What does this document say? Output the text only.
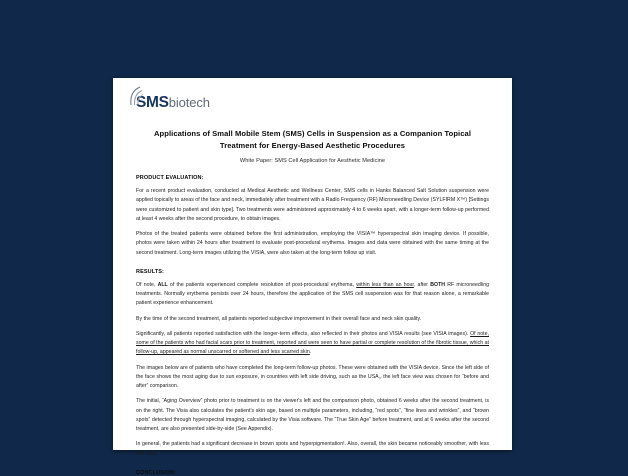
SMSbiotech
Applications of Small Mobile Stem (SMS) Cells in Suspension as a Companion Topical Treatment for Energy-Based Aesthetic Procedures
White Paper: SMS Cell Application for Aesthetic Medicine
PRODUCT EVALUATION:

For a recent product evaluation, conducted at Medical Aesthetic and Wellness Center, SMS cells in Hanks Balanced Salt Solution suspension were applied topically to areas of the face and neck, immediately after treatment with a Radio Frequency (RF) Microneedling Device (SYLFIRM X™) [Settings were customized to patient and skin type]. Two treatments were administered approximately 4 to 6 weeks apart, with a longer-term follow-up performed at least 4 weeks after the second procedure, to obtain images.

Photos of the treated patients were obtained before the first administration, employing the VISIA™ hyperspectral skin imaging device. If possible, photos were taken within 24 hours after treatment to evaluate post-procedural erythema. Images and data were obtained with the same timing at the second treatment. Long-term images utilizing the VISIA, were also taken at the long-term follow up visit.

RESULTS:

Of note, ALL of the patients experienced complete resolution of post-procedural erythema, within less than an hour, after BOTH RF microneedling treatments. Normally erythema persists over 24 hours, therefore the application of the SMS cell suspension was for that reason alone, a remarkable patient experience enhancement.

By the time of the second treatment, all patients reported subjective improvement in their overall face and neck skin quality.

Significantly, all patients reported satisfaction with the longer-term effects, also reflected in their photos and VISIA results (see VISIA images). Of note, some of the patients who had facial scars prior to treatment, reported and were seen to have partial or complete resolution of the fibrotic tissue, which at follow-up, appeared as normal unscarred or softened and less scarred skin.

The images below are of patients who have completed the long-term follow-up photos. These were obtained with the VISIA device. Since the left side of the face shows the most aging due to sun exposure, in countries with left side driving, such as the USA,, the left face view was chosen for “before and after” comparison.

The initial, “Aging Overview” photo prior to treatment is on the viewer's left and the comparison photo, obtained 6 weeks after the second treatment, is on the right. The Visia also calculates the patient's skin age, based on multiple parameters, including, “red spots”, “fine lines and wrinkles”, and “brown spots” detected through hyperspectral imaging, calculated by the Visia software. The “True Skin Age” before treatment, and at 6 weeks after the second treatment, are also presented side-by-side (See Appendix).

In general, the patients had a significant decrease in brown spots and hyperpigmentation!. Also, overall, the skin became noticeably smoother, with less fine lines.

CONCLUSION:
